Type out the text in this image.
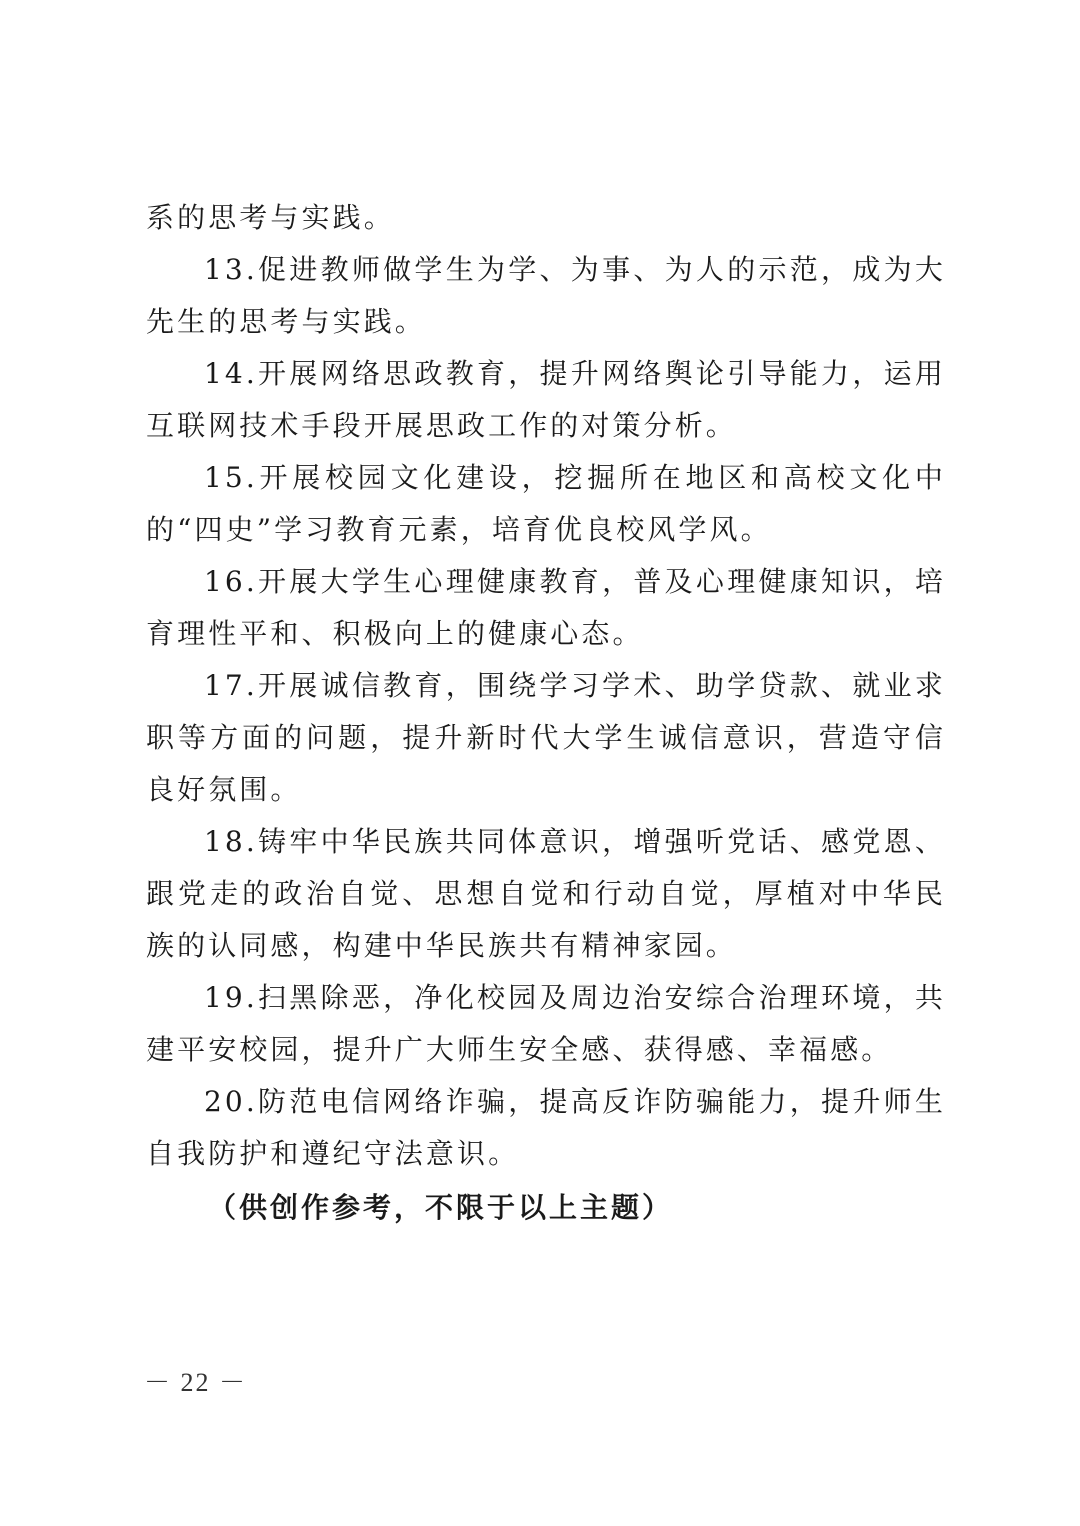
系的思考与实践。

13.促进教师做学生为学、为事、为人的示范，成为大先生的思考与实践。

14.开展网络思政教育，提升网络舆论引导能力，运用互联网技术手段开展思政工作的对策分析。

15.开展校园文化建设，挖掘所在地区和高校文化中的“四史”学习教育元素，培育优良校风学风。

16.开展大学生心理健康教育，普及心理健康知识，培育理性平和、积极向上的健康心态。

17.开展诚信教育，围绕学习学术、助学贷款、就业求职等方面的问题，提升新时代大学生诚信意识，营造守信良好氛围。

18.铸牢中华民族共同体意识，增强听党话、感党恩、跟党走的政治自觉、思想自觉和行动自觉，厚植对中华民族的认同感，构建中华民族共有精神家园。

19.扫黑除恶，净化校园及周边治安综合治理环境，共建平安校园，提升广大师生安全感、获得感、幸福感。

20.防范电信网络诈骗，提高反诈防骗能力，提升师生自我防护和遵纪守法意识。

（供创作参考，不限于以上主题）

－ 22 －
